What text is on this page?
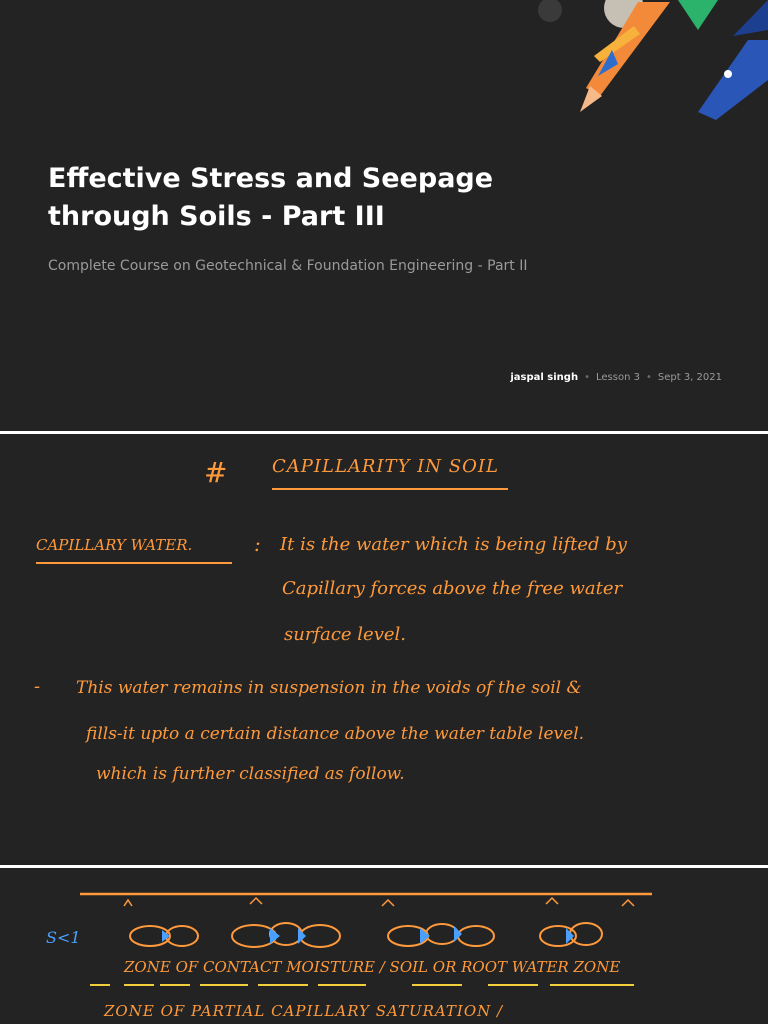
Effective Stress and Seepage
through Soils - Part III
Complete Course on Geotechnical & Foundation Engineering - Part II
jaspal singh • Lesson 3 • Sept 3, 2021
# CAPILLARITY IN SOIL
CAPILLARY WATER.	: It is the water which is being lifted by
Capillary forces above the free water
surface level.
- This water remains in suspension in the voids of the soil &
fills-it upto a certain distance above the water table level.
which is further classified as follow.
S<1
ZONE OF CONTACT MOISTURE / SOIL OR ROOT WATER ZONE
ZONE OF PARTIAL CAPILLARY SATURATION /
